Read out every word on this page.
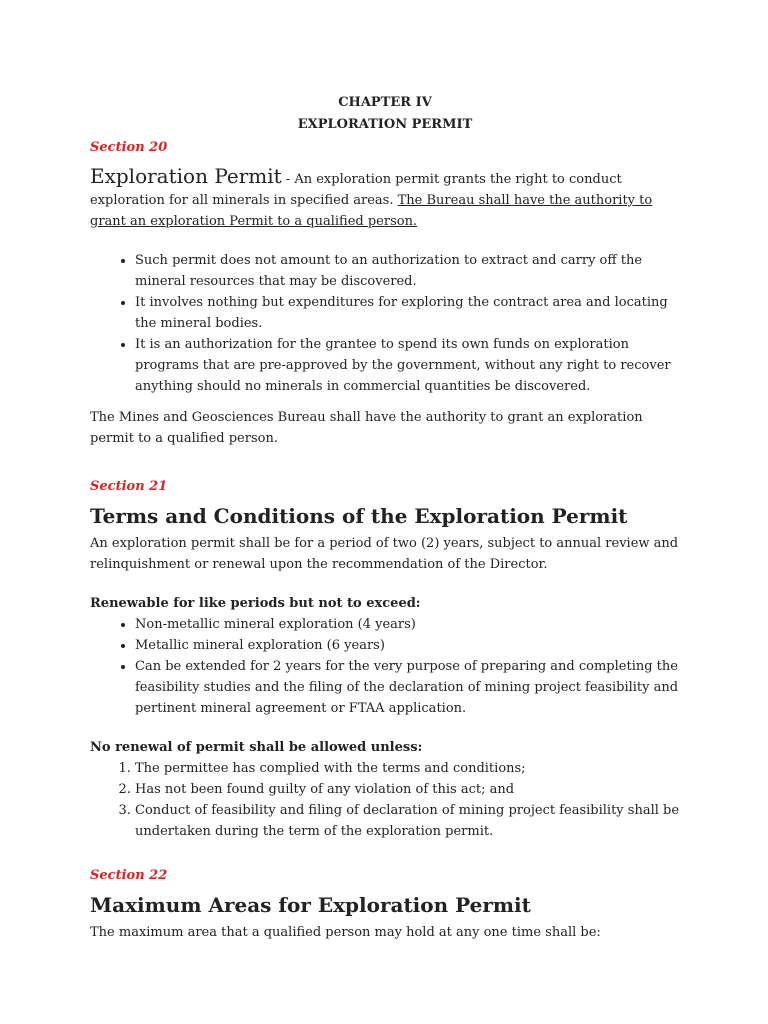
CHAPTER IV
EXPLORATION PERMIT

Section 20

Exploration Permit - An exploration permit grants the right to conduct exploration for all minerals in specified areas. The Bureau shall have the authority to grant an exploration Permit to a qualified person.
• Such permit does not amount to an authorization to extract and carry off the mineral resources that may be discovered.
• It involves nothing but expenditures for exploring the contract area and locating the mineral bodies.
• It is an authorization for the grantee to spend its own funds on exploration programs that are pre-approved by the government, without any right to recover anything should no minerals in commercial quantities be discovered.
The Mines and Geosciences Bureau shall have the authority to grant an exploration permit to a qualified person.

Section 21

Terms and Conditions of the Exploration Permit
An exploration permit shall be for a period of two (2) years, subject to annual review and relinquishment or renewal upon the recommendation of the Director.
Renewable for like periods but not to exceed:
• Non-metallic mineral exploration (4 years)
• Metallic mineral exploration (6 years)
• Can be extended for 2 years for the very purpose of preparing and completing the feasibility studies and the filing of the declaration of mining project feasibility and pertinent mineral agreement or FTAA application.
No renewal of permit shall be allowed unless:
1. The permittee has complied with the terms and conditions;
2. Has not been found guilty of any violation of this act; and
3. Conduct of feasibility and filing of declaration of mining project feasibility shall be undertaken during the term of the exploration permit.

Section 22

Maximum Areas for Exploration Permit
The maximum area that a qualified person may hold at any one time shall be:
